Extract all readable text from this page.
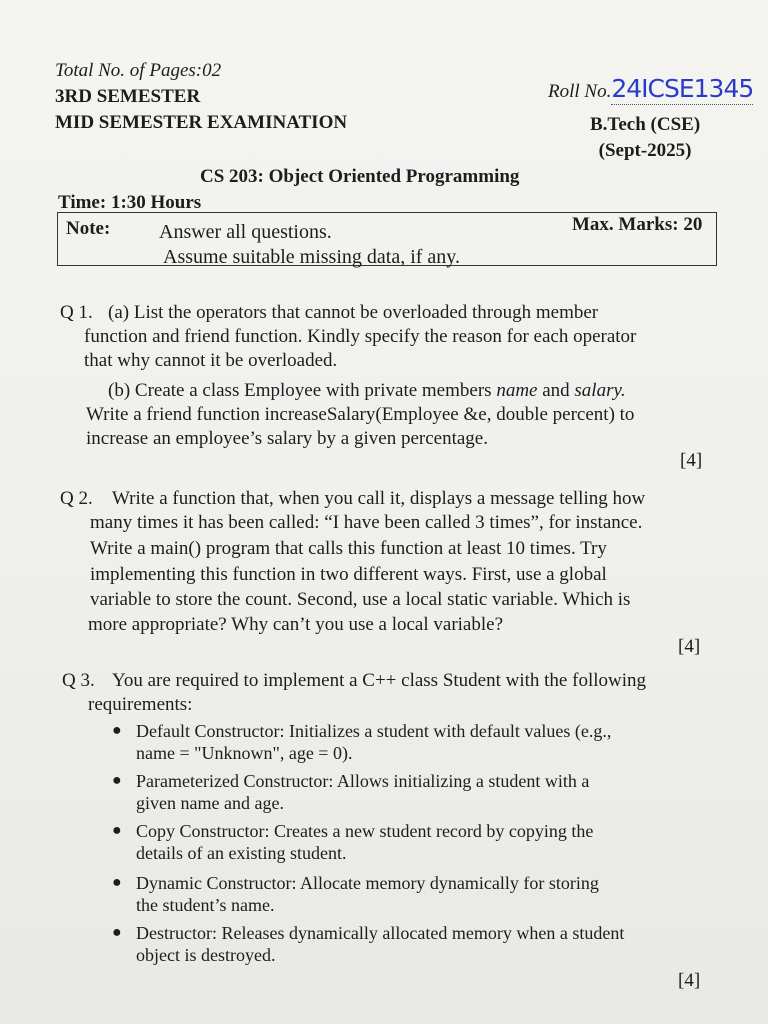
Total No. of Pages:02
3RD SEMESTER
MID SEMESTER EXAMINATION
Roll No.24ICSE1345
B.Tech (CSE)
(Sept-2025)
CS 203: Object Oriented Programming
Time: 1:30 Hours
Note: Answer all questions.
Assume suitable missing data, if any.
Max. Marks: 20
Q 1. (a) List the operators that cannot be overloaded through member
function and friend function. Kindly specify the reason for each operator
that why cannot it be overloaded.
(b) Create a class Employee with private members name and salary.
Write a friend function increaseSalary(Employee &e, double percent) to
increase an employee’s salary by a given percentage.
[4]
Q 2. Write a function that, when you call it, displays a message telling how
many times it has been called: “I have been called 3 times”, for instance.
Write a main() program that calls this function at least 10 times. Try
implementing this function in two different ways. First, use a global
variable to store the count. Second, use a local static variable. Which is
more appropriate? Why can’t you use a local variable?
[4]
Q 3. You are required to implement a C++ class Student with the following
requirements:
● Default Constructor: Initializes a student with default values (e.g.,
name = "Unknown", age = 0).
● Parameterized Constructor: Allows initializing a student with a
given name and age.
● Copy Constructor: Creates a new student record by copying the
details of an existing student.
● Dynamic Constructor: Allocate memory dynamically for storing
the student’s name.
● Destructor: Releases dynamically allocated memory when a student
object is destroyed.
[4]
